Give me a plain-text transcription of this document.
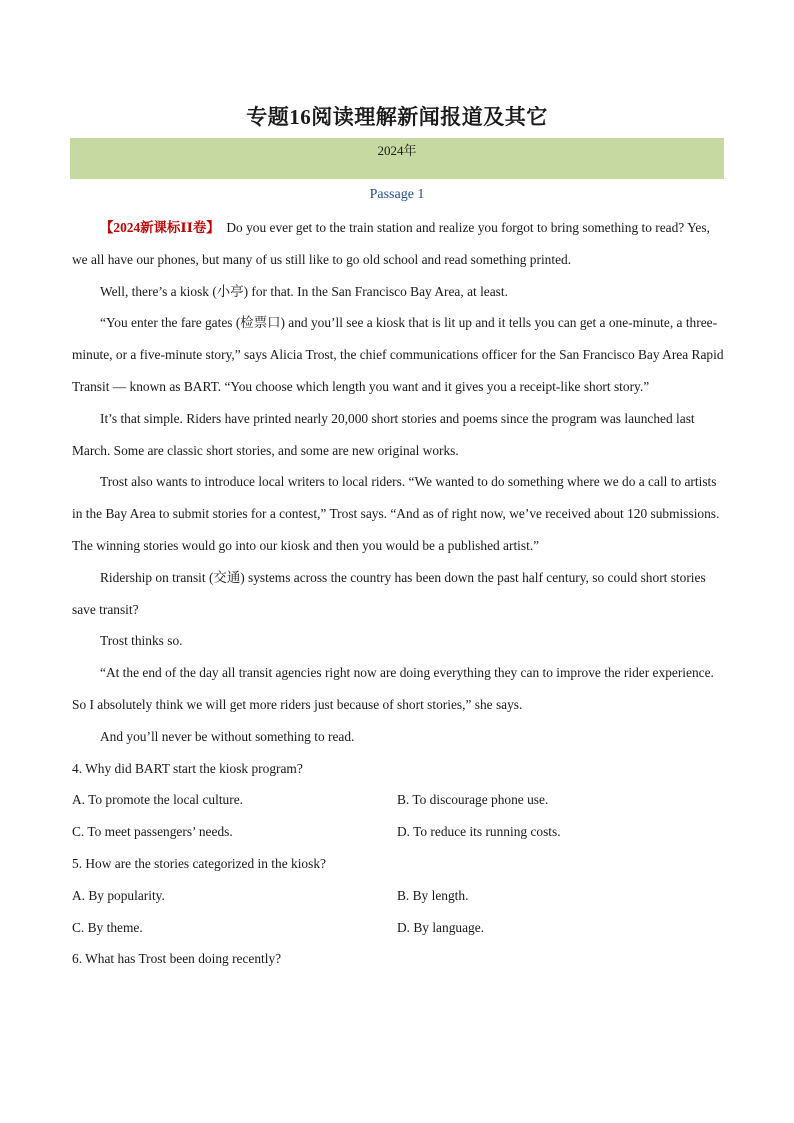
专题16阅读理解新闻报道及其它
2024年
Passage 1

【2024新课标ⅠⅠ卷】 Do you ever get to the train station and realize you forgot to bring something to read? Yes, we all have our phones, but many of us still like to go old school and read something printed.

Well, there’s a kiosk (小亭) for that. In the San Francisco Bay Area, at least.

“You enter the fare gates (检票口) and you’ll see a kiosk that is lit up and it tells you can get a one-minute, a three-minute, or a five-minute story,” says Alicia Trost, the chief communications officer for the San Francisco Bay Area Rapid Transit — known as BART. “You choose which length you want and it gives you a receipt-like short story.”

It’s that simple. Riders have printed nearly 20,000 short stories and poems since the program was launched last March. Some are classic short stories, and some are new original works.

Trost also wants to introduce local writers to local riders. “We wanted to do something where we do a call to artists in the Bay Area to submit stories for a contest,” Trost says. “And as of right now, we’ve received about 120 submissions. The winning stories would go into our kiosk and then you would be a published artist.”

Ridership on transit (交通) systems across the country has been down the past half century, so could short stories save transit?

Trost thinks so.

“At the end of the day all transit agencies right now are doing everything they can to improve the rider experience. So I absolutely think we will get more riders just because of short stories,” she says.

And you’ll never be without something to read.

4. Why did BART start the kiosk program?

A. To promote the local culture.	B. To discourage phone use.
C. To meet passengers’ needs.	D. To reduce its running costs.

5. How are the stories categorized in the kiosk?

A. By popularity.	B. By length.
C. By theme.	D. By language.

6. What has Trost been doing recently?
